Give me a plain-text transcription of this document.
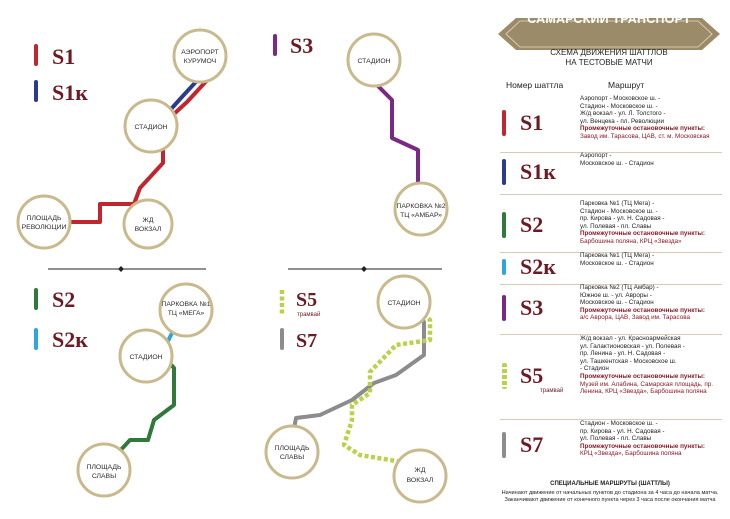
S1
S1к
S3
S2
S2к
S5
трамвай
S7
АЭРОПОРТ
КУРУМОЧ
СТАДИОН
ПЛОЩАДЬ
РЕВОЛЮЦИИ
ЖД
ВОКЗАЛ
СТАДИОН
ПАРКОВКА №2
ТЦ «АМБАР»
ПАРКОВКА №1
ТЦ «МЕГА»
СТАДИОН
ПЛОЩАДЬ
СЛАВЫ
СТАДИОН
ПЛОЩАДЬ
СЛАВЫ
ЖД
ВОКЗАЛ
САМАРСКИЙ ТРАНСПОРТ
СХЕМА ДВИЖЕНИЯ ШАТТЛОВ
НА ТЕСТОВЫЕ МАТЧИ
Номер шаттла	Маршрут
S1
Аэропорт - Московское ш. -
Стадион - Московское ш. -
Ж/д вокзал - ул. Л. Толстого -
ул. Венцека - пл. Революции
Промежуточные остановочные пункты:
Завод им. Тарасова, ЦАВ, ст. м. Московская
S1к
Аэропорт -
Московское ш. - Стадион
S2
Парковка №1 (ТЦ Мега) -
Стадион - Московское ш. -
пр. Кирова - ул. Н. Садовая -
ул. Полевая - пл. Славы
Промежуточные остановочные пункты:
Барбошина поляна, КРЦ «Звезда»
S2к	Парковка №1 (ТЦ Мега) -
Московское ш. - Стадион
S3
Парковка №2 (ТЦ Амбар) -
Южное ш. - ул. Авроры -
Московское ш. - Стадион
Промежуточные остановочные пункты:
а/с Аврора, ЦАВ, Завод им. Тарасова
S5
трамвай
Ж/д вокзал - ул. Красноармейская
ул. Галактионовская - ул. Полевая -
пр. Ленина - ул. Н. Садовая -
ул. Ташкентская - Московское ш.
- Стадион
Промежуточные остановочные пункты:
Музей им. Алабина, Самарская площадь, пр. Ленина, КРЦ «Звезда», Барбошина поляна
S7
Стадион - Московское ш. -
пр. Кирова - ул. Н. Садовая -
ул. Полевая - пл. Славы
Промежуточные остановочные пункты:
КРЦ «Звезда», Барбошина поляна
СПЕЦИАЛЬНЫЕ МАРШРУТЫ (ШАТТЛЫ)
Начинают движение от начальных пунктов до стадиона за 4 часа до начала матча.
Заканчивают движение от конечного пункта через 3 часа после окончания матча
